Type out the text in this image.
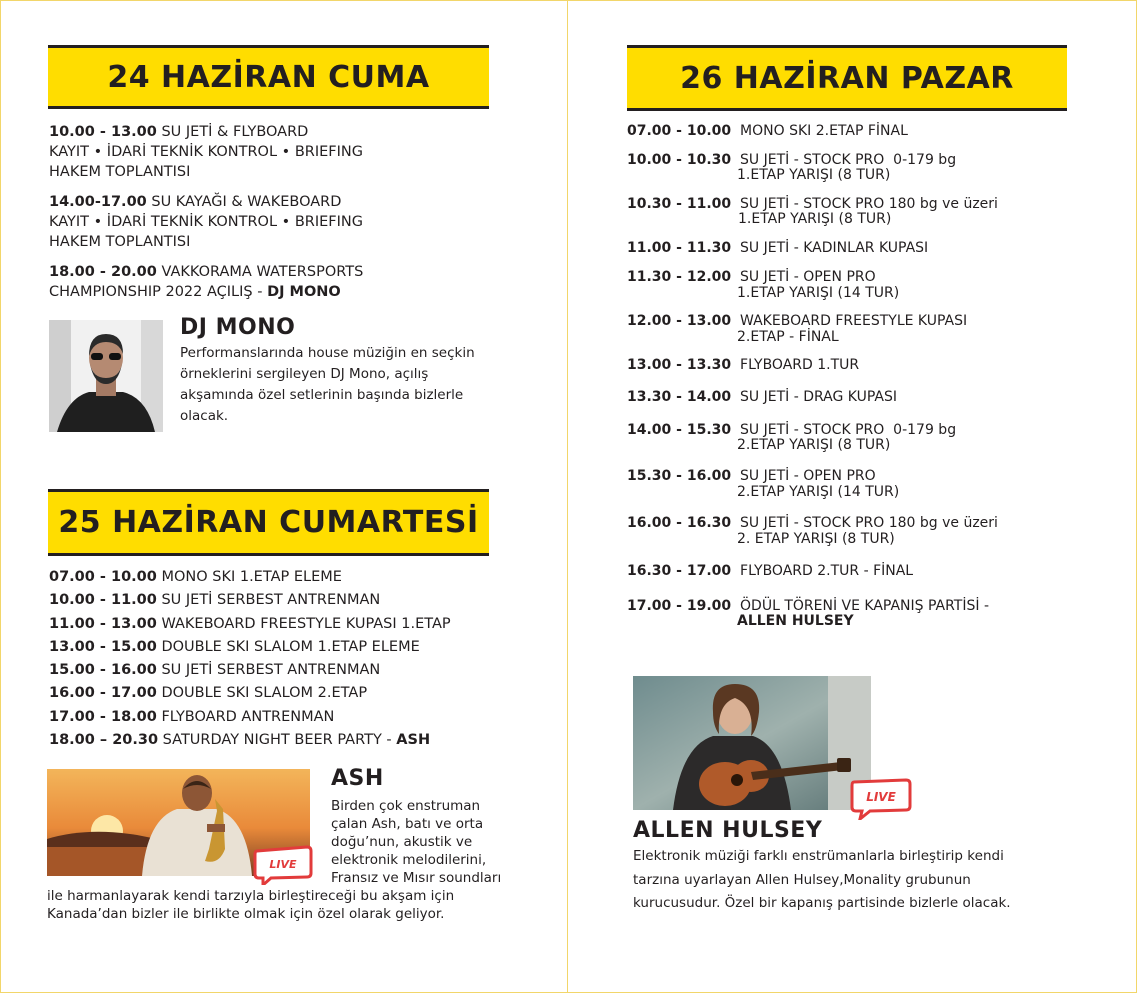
24 HAZİRAN CUMA
10.00 - 13.00 SU JETİ & FLYBOARD
KAYIT • İDARİ TEKNİK KONTROL • BRIEFING
HAKEM TOPLANTISI
14.00-17.00 SU KAYAĞI & WAKEBOARD
KAYIT • İDARİ TEKNİK KONTROL • BRIEFING
HAKEM TOPLANTISI
18.00 - 20.00 VAKKORAMA WATERSPORTS
CHAMPIONSHIP 2022 AÇILIŞ - DJ MONO
DJ MONO
Performanslarında house müziğin en seçkin örneklerini sergileyen DJ Mono, açılış akşamında özel setlerinin başında bizlerle olacak.
25 HAZİRAN CUMARTESİ
07.00 - 10.00 MONO SKI 1.ETAP ELEME
10.00 - 11.00 SU JETİ SERBEST ANTRENMAN
11.00 - 13.00 WAKEBOARD FREESTYLE KUPASI 1.ETAP
13.00 - 15.00 DOUBLE SKI SLALOM 1.ETAP ELEME
15.00 - 16.00 SU JETİ SERBEST ANTRENMAN
16.00 - 17.00 DOUBLE SKI SLALOM 2.ETAP
17.00 - 18.00 FLYBOARD ANTRENMAN
18.00 – 20.30 SATURDAY NIGHT BEER PARTY - ASH
LIVE
ASH
Birden çok enstruman
çalan Ash, batı ve orta
doğu’nun, akustik ve
elektronik melodilerini,
Fransız ve Mısır soundları
ile harmanlayarak kendi tarzıyla birleştireceği bu akşam için
Kanada’dan bizler ile birlikte olmak için özel olarak geliyor.
26 HAZİRAN PAZAR
07.00 - 10.00  MONO SKI 2.ETAP FİNAL
10.00 - 10.30  SU JETİ - STOCK PRO  0-179 bg
1.ETAP YARIŞI (8 TUR)
10.30 - 11.00  SU JETİ - STOCK PRO 180 bg ve üzeri
1.ETAP YARIŞI (8 TUR)
11.00 - 11.30  SU JETİ - KADINLAR KUPASI
11.30 - 12.00  SU JETİ - OPEN PRO
1.ETAP YARIŞI (14 TUR)
12.00 - 13.00  WAKEBOARD FREESTYLE KUPASI
2.ETAP - FİNAL
13.00 - 13.30  FLYBOARD 1.TUR
13.30 - 14.00  SU JETİ - DRAG KUPASI
14.00 - 15.30  SU JETİ - STOCK PRO  0-179 bg
2.ETAP YARIŞI (8 TUR)
15.30 - 16.00  SU JETİ - OPEN PRO
2.ETAP YARIŞI (14 TUR)
16.00 - 16.30  SU JETİ - STOCK PRO 180 bg ve üzeri
2. ETAP YARIŞI (8 TUR)
16.30 - 17.00  FLYBOARD 2.TUR - FİNAL
17.00 - 19.00  ÖDÜL TÖRENİ VE KAPANIŞ PARTİSİ -
ALLEN HULSEY
LIVE
ALLEN HULSEY
Elektronik müziği farklı enstrümanlarla birleştirip kendi
tarzına uyarlayan Allen Hulsey,Monality grubunun
kurucusudur. Özel bir kapanış partisinde bizlerle olacak.
